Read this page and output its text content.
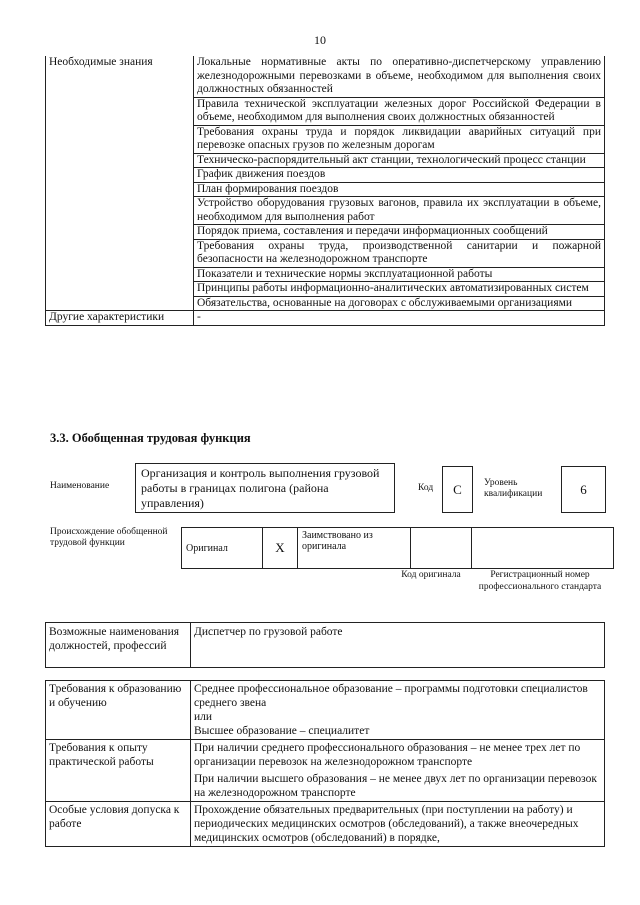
10
Необходимые знания	Локальные нормативные акты по оперативно-диспетчерскому управлению железнодорожными перевозками в объеме, необходимом для выполнения своих должностных обязанностей
	Правила технической эксплуатации железных дорог Российской Федерации в объеме, необходимом для выполнения своих должностных обязанностей
	Требования охраны труда и порядок ликвидации аварийных ситуаций при перевозке опасных грузов по железным дорогам
	Техническо-распорядительный акт станции, технологический процесс станции
	График движения поездов
	План формирования поездов
	Устройство оборудования грузовых вагонов, правила их эксплуатации в объеме, необходимом для выполнения работ
	Порядок приема, составления и передачи информационных сообщений
	Требования охраны труда, производственной санитарии и пожарной безопасности на железнодорожном транспорте
	Показатели и технические нормы эксплуатационной работы
	Принципы работы информационно-аналитических автоматизированных систем
	Обязательства, основанные на договорах с обслуживаемыми организациями
Другие характеристики	-
3.3. Обобщенная трудовая функция
Наименование
Организация и контроль выполнения грузовой работы в границах полигона (района управления)
Код	С	Уровень квалификации	6
Происхождение обобщенной трудовой функции	Оригинал	X	Заимствовано из оригинала		
Код оригинала	Регистрационный номер профессионального стандарта
Возможные наименования должностей, профессий	Диспетчер по грузовой работе
Требования к образованию и обучению	Среднее профессиональное образование – программы подготовки специалистов среднего звена

или

Высшее образование – специалитет

Требования к опыту практической работы	При наличии среднего профессионального образования – не менее трех лет по организации перевозок на железнодорожном транспорте

При наличии высшего образования – не менее двух лет по организации перевозок на железнодорожном транспорте

Особые условия допуска к работе	Прохождение обязательных предварительных (при поступлении на работу) и периодических медицинских осмотров (обследований), а также внеочередных медицинских осмотров (обследований) в порядке,
